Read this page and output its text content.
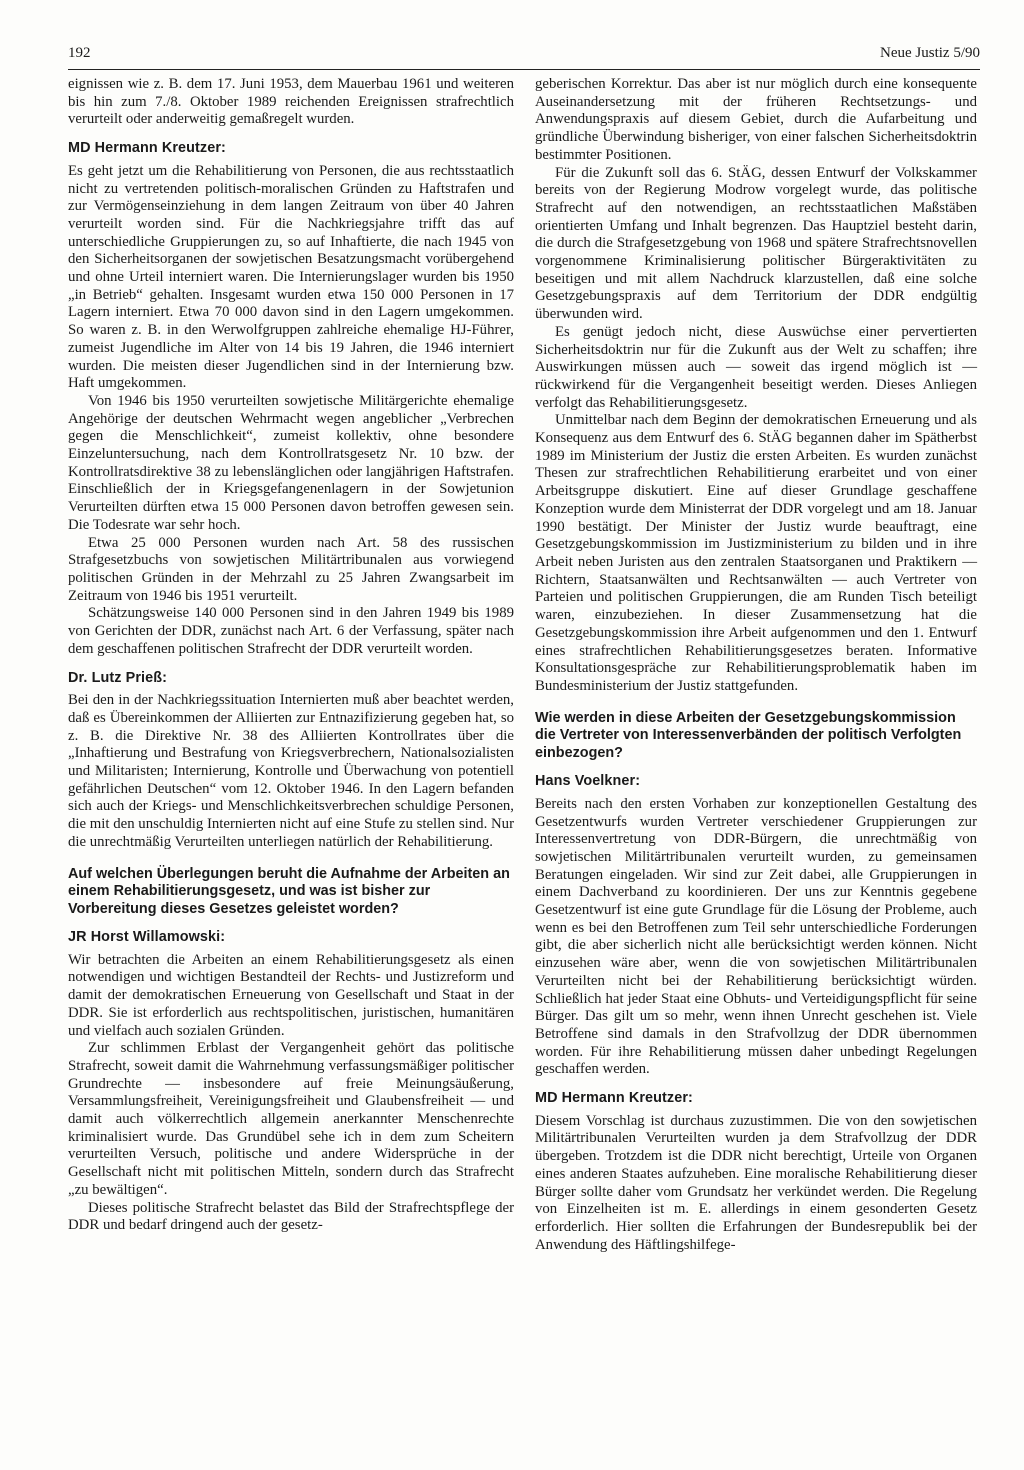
192	Neue Justiz 5/90

eignissen wie z. B. dem 17. Juni 1953, dem Mauerbau 1961 und weiteren bis hin zum 7./8. Oktober 1989 reichenden Ereignissen strafrechtlich verurteilt oder anderweitig gemaßregelt wurden.

MD Hermann Kreutzer:

Es geht jetzt um die Rehabilitierung von Personen, die aus rechtsstaatlich nicht zu vertretenden politisch-moralischen Gründen zu Haftstrafen und zur Vermögenseinziehung in dem langen Zeitraum von über 40 Jahren verurteilt worden sind. Für die Nachkriegsjahre trifft das auf unterschiedliche Gruppierungen zu, so auf Inhaftierte, die nach 1945 von den Sicherheitsorganen der sowjetischen Besatzungsmacht vorübergehend und ohne Urteil interniert waren. Die Internierungslager wurden bis 1950 „in Betrieb“ gehalten. Insgesamt wurden etwa 150 000 Personen in 17 Lagern interniert. Etwa 70 000 davon sind in den Lagern umgekommen. So waren z. B. in den Werwolfgruppen zahlreiche ehemalige HJ-Führer, zumeist Jugendliche im Alter von 14 bis 19 Jahren, die 1946 interniert wurden. Die meisten dieser Jugendlichen sind in der Internierung bzw. Haft umgekommen.

Von 1946 bis 1950 verurteilten sowjetische Militärgerichte ehemalige Angehörige der deutschen Wehrmacht wegen angeblicher „Verbrechen gegen die Menschlichkeit“, zumeist kollektiv, ohne besondere Einzeluntersuchung, nach dem Kontrollratsgesetz Nr. 10 bzw. der Kontrollratsdirektive 38 zu lebenslänglichen oder langjährigen Haftstrafen. Einschließlich der in Kriegsgefangenenlagern in der Sowjetunion Verurteilten dürften etwa 15 000 Personen davon betroffen gewesen sein. Die Todesrate war sehr hoch.

Etwa 25 000 Personen wurden nach Art. 58 des russischen Strafgesetzbuchs von sowjetischen Militärtribunalen aus vorwiegend politischen Gründen in der Mehrzahl zu 25 Jahren Zwangsarbeit im Zeitraum von 1946 bis 1951 verurteilt.

Schätzungsweise 140 000 Personen sind in den Jahren 1949 bis 1989 von Gerichten der DDR, zunächst nach Art. 6 der Verfassung, später nach dem geschaffenen politischen Strafrecht der DDR verurteilt worden.

Dr. Lutz Prieß:

Bei den in der Nachkriegssituation Internierten muß aber beachtet werden, daß es Übereinkommen der Alliierten zur Entnazifizierung gegeben hat, so z. B. die Direktive Nr. 38 des Alliierten Kontrollrates über die „Inhaftierung und Bestrafung von Kriegsverbrechern, Nationalsozialisten und Militaristen; Internierung, Kontrolle und Überwachung von potentiell gefährlichen Deutschen“ vom 12. Oktober 1946. In den Lagern befanden sich auch der Kriegs- und Menschlichkeitsverbrechen schuldige Personen, die mit den unschuldig Internierten nicht auf eine Stufe zu stellen sind. Nur die unrechtmäßig Verurteilten unterliegen natürlich der Rehabilitierung.

Auf welchen Überlegungen beruht die Aufnahme der Arbeiten an einem Rehabilitierungsgesetz, und was ist bisher zur Vorbereitung dieses Gesetzes geleistet worden?
JR Horst Willamowski:

Wir betrachten die Arbeiten an einem Rehabilitierungsgesetz als einen notwendigen und wichtigen Bestandteil der Rechts- und Justizreform und damit der demokratischen Erneuerung von Gesellschaft und Staat in der DDR. Sie ist erforderlich aus rechtspolitischen, juristischen, humanitären und vielfach auch sozialen Gründen.

Zur schlimmen Erblast der Vergangenheit gehört das politische Strafrecht, soweit damit die Wahrnehmung verfassungsmäßiger politischer Grundrechte — insbesondere auf freie Meinungsäußerung, Versammlungsfreiheit, Vereinigungsfreiheit und Glaubensfreiheit — und damit auch völkerrechtlich allgemein anerkannter Menschenrechte kriminalisiert wurde. Das Grundübel sehe ich in dem zum Scheitern verurteilten Versuch, politische und andere Widersprüche in der Gesellschaft nicht mit politischen Mitteln, sondern durch das Strafrecht „zu bewältigen“.

Dieses politische Strafrecht belastet das Bild der Strafrechtspflege der DDR und bedarf dringend auch der gesetz-

geberischen Korrektur. Das aber ist nur möglich durch eine konsequente Auseinandersetzung mit der früheren Rechtsetzungs- und Anwendungspraxis auf diesem Gebiet, durch die Aufarbeitung und gründliche Überwindung bisheriger, von einer falschen Sicherheitsdoktrin bestimmter Positionen.

Für die Zukunft soll das 6. StÄG, dessen Entwurf der Volkskammer bereits von der Regierung Modrow vorgelegt wurde, das politische Strafrecht auf den notwendigen, an rechtsstaatlichen Maßstäben orientierten Umfang und Inhalt begrenzen. Das Hauptziel besteht darin, die durch die Strafgesetzgebung von 1968 und spätere Strafrechtsnovellen vorgenommene Kriminalisierung politischer Bürgeraktivitäten zu beseitigen und mit allem Nachdruck klarzustellen, daß eine solche Gesetzgebungspraxis auf dem Territorium der DDR endgültig überwunden wird.

Es genügt jedoch nicht, diese Auswüchse einer pervertierten Sicherheitsdoktrin nur für die Zukunft aus der Welt zu schaffen; ihre Auswirkungen müssen auch — soweit das irgend möglich ist — rückwirkend für die Vergangenheit beseitigt werden. Dieses Anliegen verfolgt das Rehabilitierungsgesetz.

Unmittelbar nach dem Beginn der demokratischen Erneuerung und als Konsequenz aus dem Entwurf des 6. StÄG begannen daher im Spätherbst 1989 im Ministerium der Justiz die ersten Arbeiten. Es wurden zunächst Thesen zur strafrechtlichen Rehabilitierung erarbeitet und von einer Arbeitsgruppe diskutiert. Eine auf dieser Grundlage geschaffene Konzeption wurde dem Ministerrat der DDR vorgelegt und am 18. Januar 1990 bestätigt. Der Minister der Justiz wurde beauftragt, eine Gesetzgebungskommission im Justizministerium zu bilden und in ihre Arbeit neben Juristen aus den zentralen Staatsorganen und Praktikern — Richtern, Staatsanwälten und Rechtsanwälten — auch Vertreter von Parteien und politischen Gruppierungen, die am Runden Tisch beteiligt waren, einzubeziehen. In dieser Zusammensetzung hat die Gesetzgebungskommission ihre Arbeit aufgenommen und den 1. Entwurf eines strafrechtlichen Rehabilitierungsgesetzes beraten. Informative Konsultationsgespräche zur Rehabilitierungsproblematik haben im Bundesministerium der Justiz stattgefunden.

Wie werden in diese Arbeiten der Gesetzgebungskommission die Vertreter von Interessenverbänden der politisch Verfolgten einbezogen?
Hans Voelkner:

Bereits nach den ersten Vorhaben zur konzeptionellen Gestaltung des Gesetzentwurfs wurden Vertreter verschiedener Gruppierungen zur Interessenvertretung von DDR-Bürgern, die unrechtmäßig von sowjetischen Militärtribunalen verurteilt wurden, zu gemeinsamen Beratungen eingeladen. Wir sind zur Zeit dabei, alle Gruppierungen in einem Dachverband zu koordinieren. Der uns zur Kenntnis gegebene Gesetzentwurf ist eine gute Grundlage für die Lösung der Probleme, auch wenn es bei den Betroffenen zum Teil sehr unterschiedliche Forderungen gibt, die aber sicherlich nicht alle berücksichtigt werden können. Nicht einzusehen wäre aber, wenn die von sowjetischen Militärtribunalen Verurteilten nicht bei der Rehabilitierung berücksichtigt würden. Schließlich hat jeder Staat eine Obhuts- und Verteidigungspflicht für seine Bürger. Das gilt um so mehr, wenn ihnen Unrecht geschehen ist. Viele Betroffene sind damals in den Strafvollzug der DDR übernommen worden. Für ihre Rehabilitierung müssen daher unbedingt Regelungen geschaffen werden.

MD Hermann Kreutzer:

Diesem Vorschlag ist durchaus zuzustimmen. Die von den sowjetischen Militärtribunalen Verurteilten wurden ja dem Strafvollzug der DDR übergeben. Trotzdem ist die DDR nicht berechtigt, Urteile von Organen eines anderen Staates aufzuheben. Eine moralische Rehabilitierung dieser Bürger sollte daher vom Grundsatz her verkündet werden. Die Regelung von Einzelheiten ist m. E. allerdings in einem gesonderten Gesetz erforderlich. Hier sollten die Erfahrungen der Bundesrepublik bei der Anwendung des Häftlingshilfege-
